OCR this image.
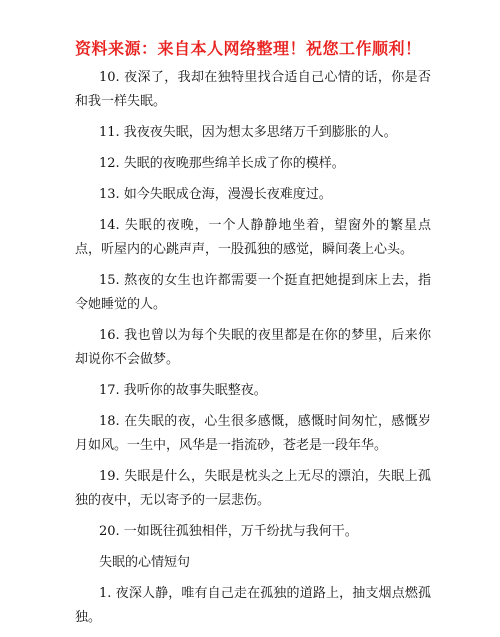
资料来源：来自本人网络整理！祝您工作顺利！

10. 夜深了，我却在独特里找合适自己心情的话，你是否和我一样失眠。

11. 我夜夜失眠，因为想太多思绪万千到膨胀的人。

12. 失眠的夜晚那些绵羊长成了你的模样。

13. 如今失眠成仓海，漫漫长夜难度过。

14. 失眠的夜晚，一个人静静地坐着，望窗外的繁星点点，听屋内的心跳声声，一股孤独的感觉，瞬间袭上心头。

15. 熬夜的女生也许都需要一个挺直把她提到床上去，指令她睡觉的人。

16. 我也曾以为每个失眠的夜里都是在你的梦里，后来你却说你不会做梦。

17. 我听你的故事失眠整夜。

18. 在失眠的夜，心生很多感慨，感慨时间匆忙，感慨岁月如风。一生中，风华是一指流砂，苍老是一段年华。

19. 失眠是什么，失眠是枕头之上无尽的漂泊，失眠上孤独的夜中，无以寄予的一层悲伤。

20. 一如既往孤独相伴，万千纷扰与我何干。

失眠的心情短句

1. 夜深人静，唯有自己走在孤独的道路上，抽支烟点燃孤独。
